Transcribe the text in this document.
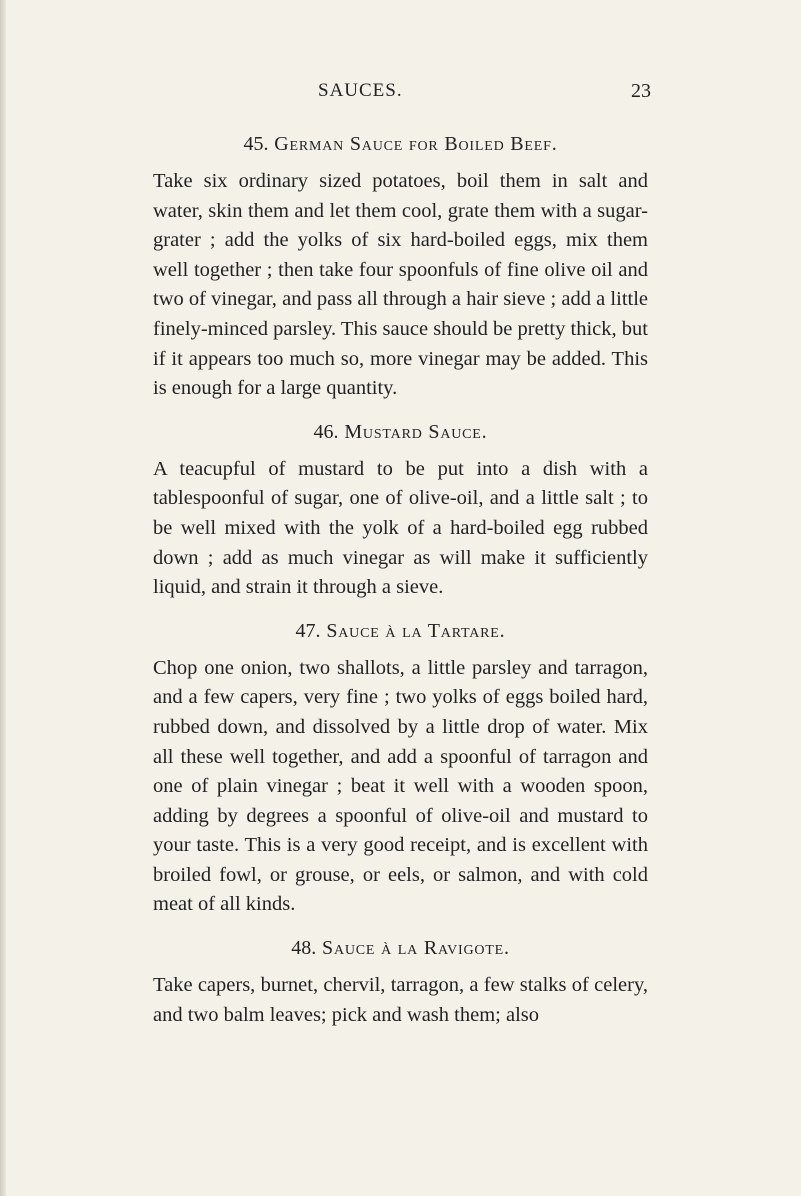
SAUCES.	23
45. German Sauce for Boiled Beef.

Take six ordinary sized potatoes, boil them in salt and water, skin them and let them cool, grate them with a sugar-grater ; add the yolks of six hard-boiled eggs, mix them well together ; then take four spoonfuls of fine olive oil and two of vinegar, and pass all through a hair sieve ; add a little finely-minced parsley. This sauce should be pretty thick, but if it appears too much so, more vinegar may be added. This is enough for a large quantity.

46. Mustard Sauce.

A teacupful of mustard to be put into a dish with a tablespoonful of sugar, one of olive-oil, and a little salt ; to be well mixed with the yolk of a hard-boiled egg rubbed down ; add as much vinegar as will make it sufficiently liquid, and strain it through a sieve.

47. Sauce à la Tartare.

Chop one onion, two shallots, a little parsley and tarragon, and a few capers, very fine ; two yolks of eggs boiled hard, rubbed down, and dissolved by a little drop of water. Mix all these well together, and add a spoonful of tarragon and one of plain vinegar ; beat it well with a wooden spoon, adding by degrees a spoonful of olive-oil and mustard to your taste. This is a very good receipt, and is excellent with broiled fowl, or grouse, or eels, or salmon, and with cold meat of all kinds.

48. Sauce à la Ravigote.

Take capers, burnet, chervil, tarragon, a few stalks of celery, and two balm leaves; pick and wash them; also
